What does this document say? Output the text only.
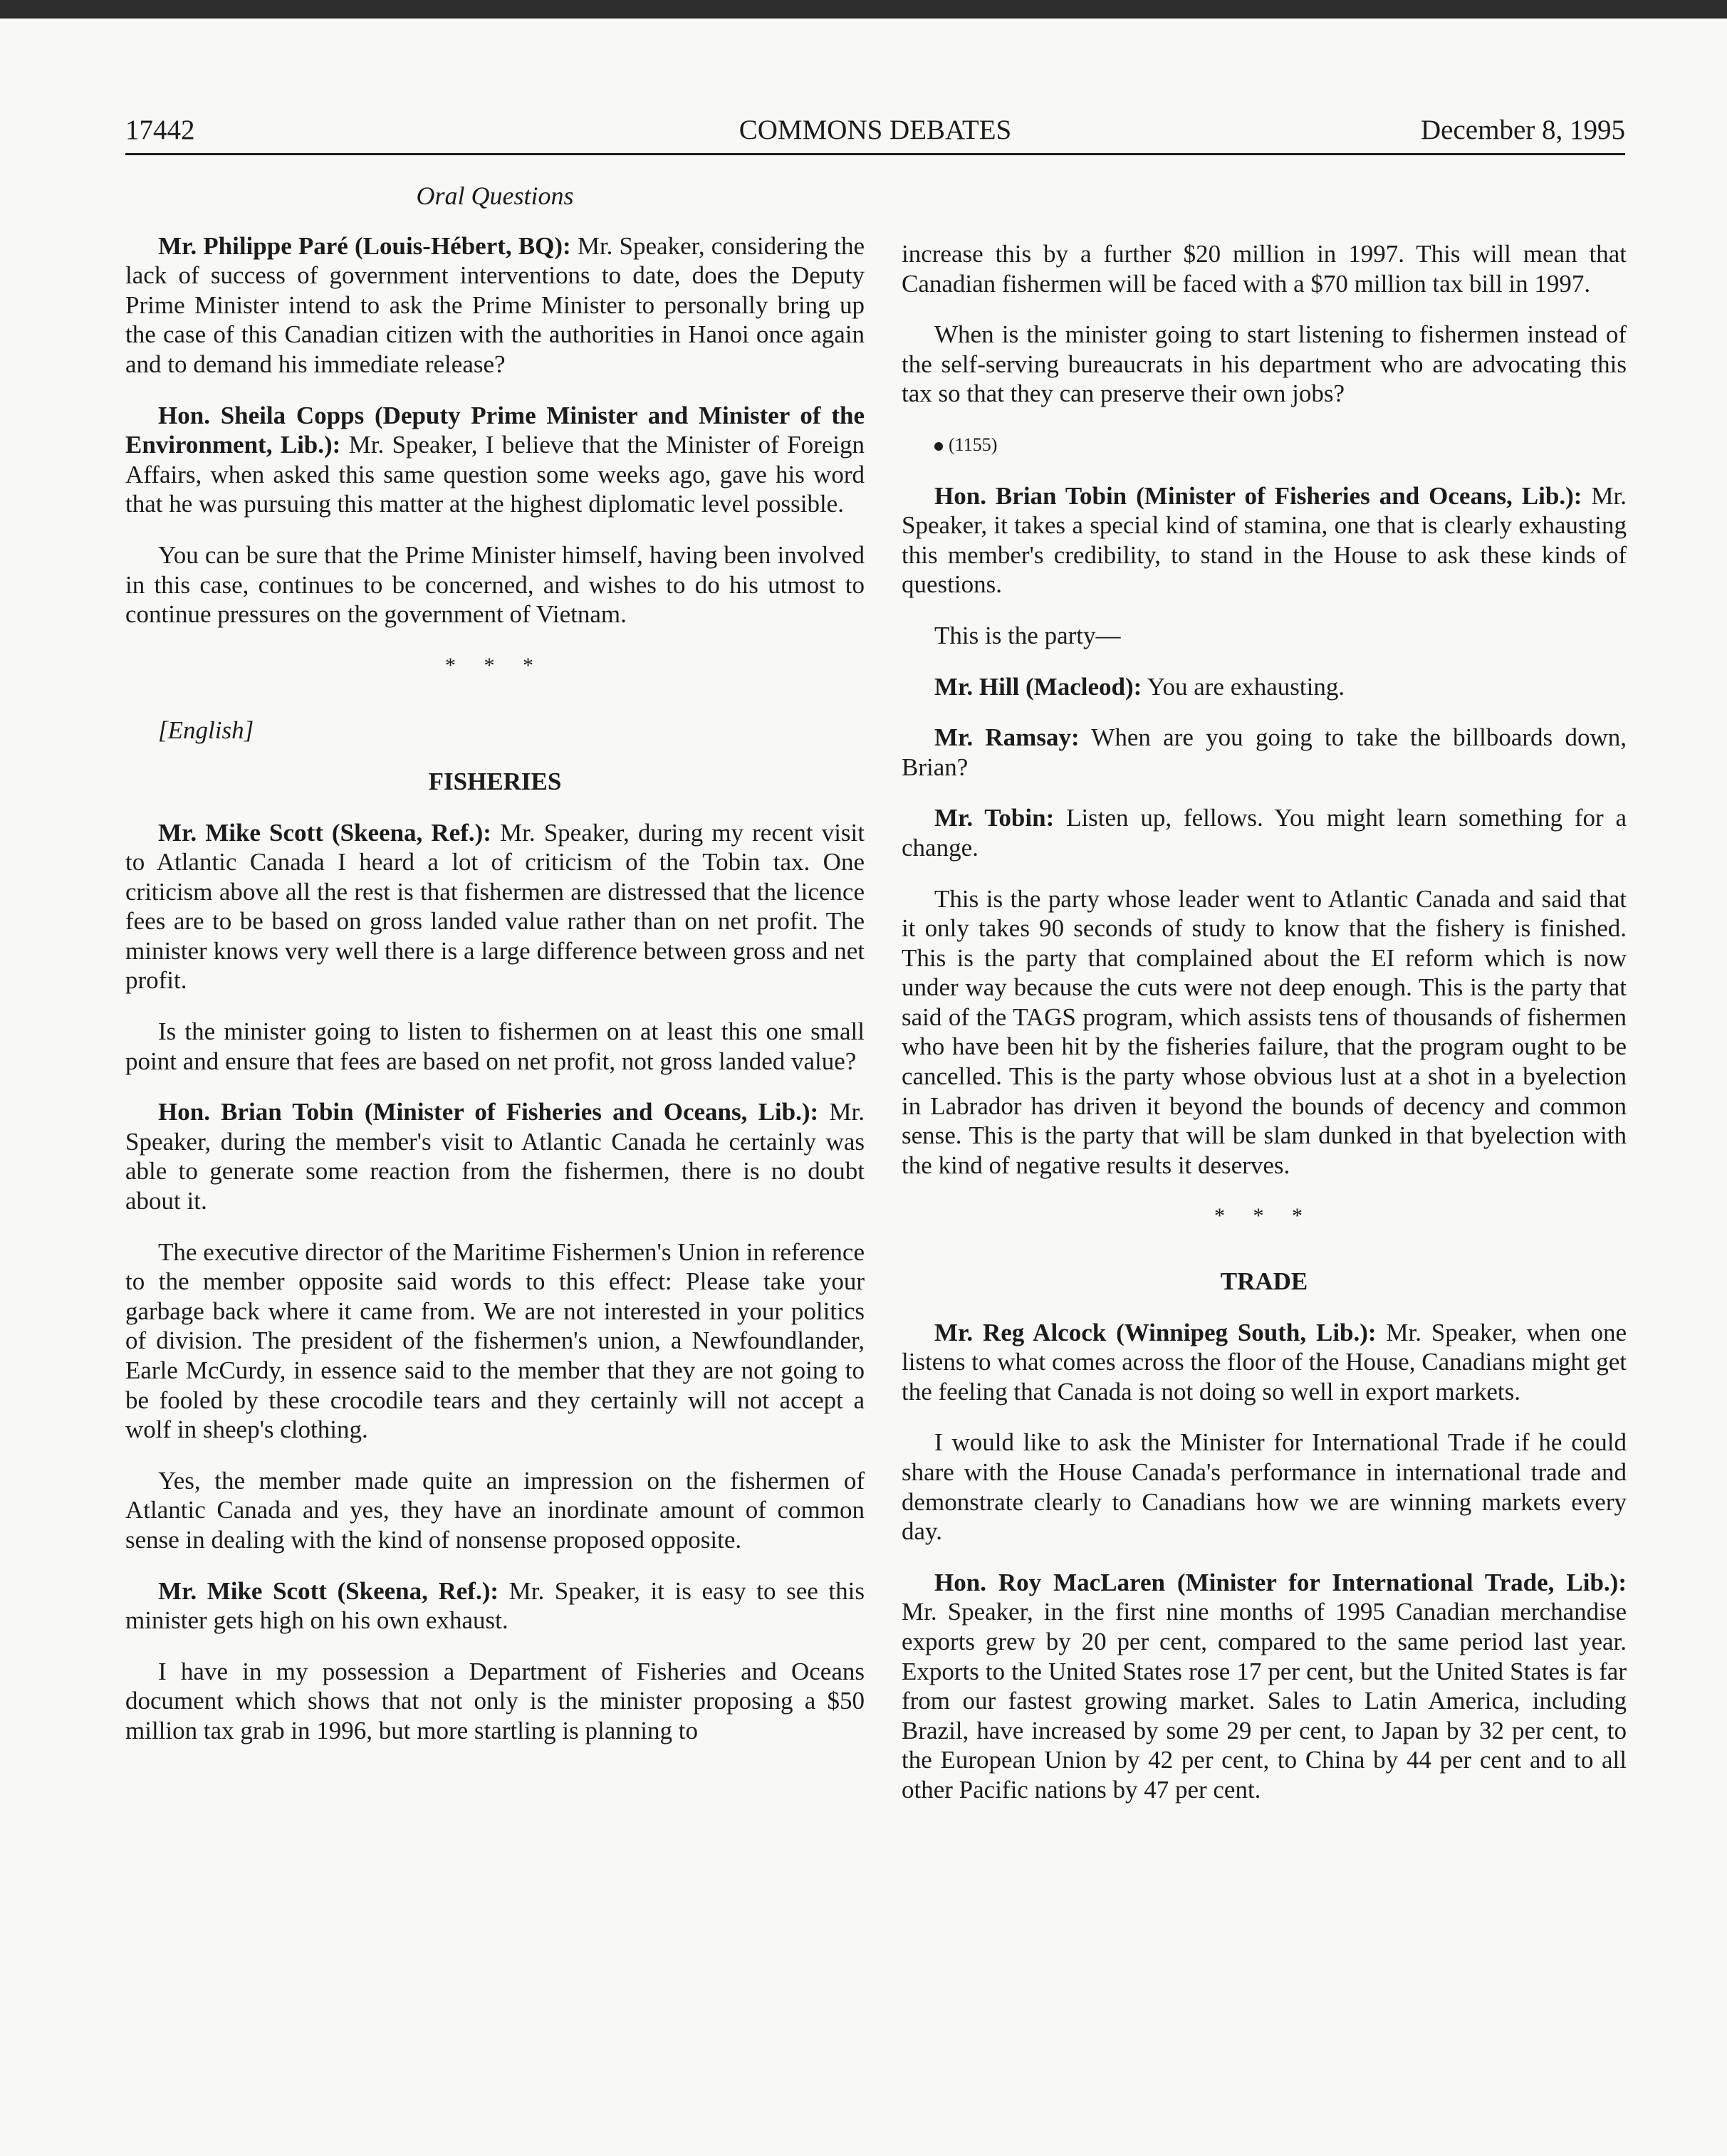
17442	COMMONS DEBATES	December 8, 1995
Oral Questions

Mr. Philippe Paré (Louis-Hébert, BQ): Mr. Speaker, considering the lack of success of government interventions to date, does the Deputy Prime Minister intend to ask the Prime Minister to personally bring up the case of this Canadian citizen with the authorities in Hanoi once again and to demand his immediate release?

Hon. Sheila Copps (Deputy Prime Minister and Minister of the Environment, Lib.): Mr. Speaker, I believe that the Minister of Foreign Affairs, when asked this same question some weeks ago, gave his word that he was pursuing this matter at the highest diplomatic level possible.

You can be sure that the Prime Minister himself, having been involved in this case, continues to be concerned, and wishes to do his utmost to continue pressures on the government of Vietnam.

* * *

[English]

FISHERIES

Mr. Mike Scott (Skeena, Ref.): Mr. Speaker, during my recent visit to Atlantic Canada I heard a lot of criticism of the Tobin tax. One criticism above all the rest is that fishermen are distressed that the licence fees are to be based on gross landed value rather than on net profit. The minister knows very well there is a large difference between gross and net profit.

Is the minister going to listen to fishermen on at least this one small point and ensure that fees are based on net profit, not gross landed value?

Hon. Brian Tobin (Minister of Fisheries and Oceans, Lib.): Mr. Speaker, during the member's visit to Atlantic Canada he certainly was able to generate some reaction from the fishermen, there is no doubt about it.

The executive director of the Maritime Fishermen's Union in reference to the member opposite said words to this effect: Please take your garbage back where it came from. We are not interested in your politics of division. The president of the fishermen's union, a Newfoundlander, Earle McCurdy, in essence said to the member that they are not going to be fooled by these crocodile tears and they certainly will not accept a wolf in sheep's clothing.

Yes, the member made quite an impression on the fishermen of Atlantic Canada and yes, they have an inordinate amount of common sense in dealing with the kind of nonsense proposed opposite.

Mr. Mike Scott (Skeena, Ref.): Mr. Speaker, it is easy to see this minister gets high on his own exhaust.

I have in my possession a Department of Fisheries and Oceans document which shows that not only is the minister proposing a $50 million tax grab in 1996, but more startling is planning to

increase this by a further $20 million in 1997. This will mean that Canadian fishermen will be faced with a $70 million tax bill in 1997.

When is the minister going to start listening to fishermen instead of the self-serving bureaucrats in his department who are advocating this tax so that they can preserve their own jobs?

(1155)

Hon. Brian Tobin (Minister of Fisheries and Oceans, Lib.): Mr. Speaker, it takes a special kind of stamina, one that is clearly exhausting this member's credibility, to stand in the House to ask these kinds of questions.

This is the party—

Mr. Hill (Macleod): You are exhausting.

Mr. Ramsay: When are you going to take the billboards down, Brian?

Mr. Tobin: Listen up, fellows. You might learn something for a change.

This is the party whose leader went to Atlantic Canada and said that it only takes 90 seconds of study to know that the fishery is finished. This is the party that complained about the EI reform which is now under way because the cuts were not deep enough. This is the party that said of the TAGS program, which assists tens of thousands of fishermen who have been hit by the fisheries failure, that the program ought to be cancelled. This is the party whose obvious lust at a shot in a byelection in Labrador has driven it beyond the bounds of decency and common sense. This is the party that will be slam dunked in that byelection with the kind of negative results it deserves.

* * *
TRADE

Mr. Reg Alcock (Winnipeg South, Lib.): Mr. Speaker, when one listens to what comes across the floor of the House, Canadians might get the feeling that Canada is not doing so well in export markets.

I would like to ask the Minister for International Trade if he could share with the House Canada's performance in international trade and demonstrate clearly to Canadians how we are winning markets every day.

Hon. Roy MacLaren (Minister for International Trade, Lib.): Mr. Speaker, in the first nine months of 1995 Canadian merchandise exports grew by 20 per cent, compared to the same period last year. Exports to the United States rose 17 per cent, but the United States is far from our fastest growing market. Sales to Latin America, including Brazil, have increased by some 29 per cent, to Japan by 32 per cent, to the European Union by 42 per cent, to China by 44 per cent and to all other Pacific nations by 47 per cent.
